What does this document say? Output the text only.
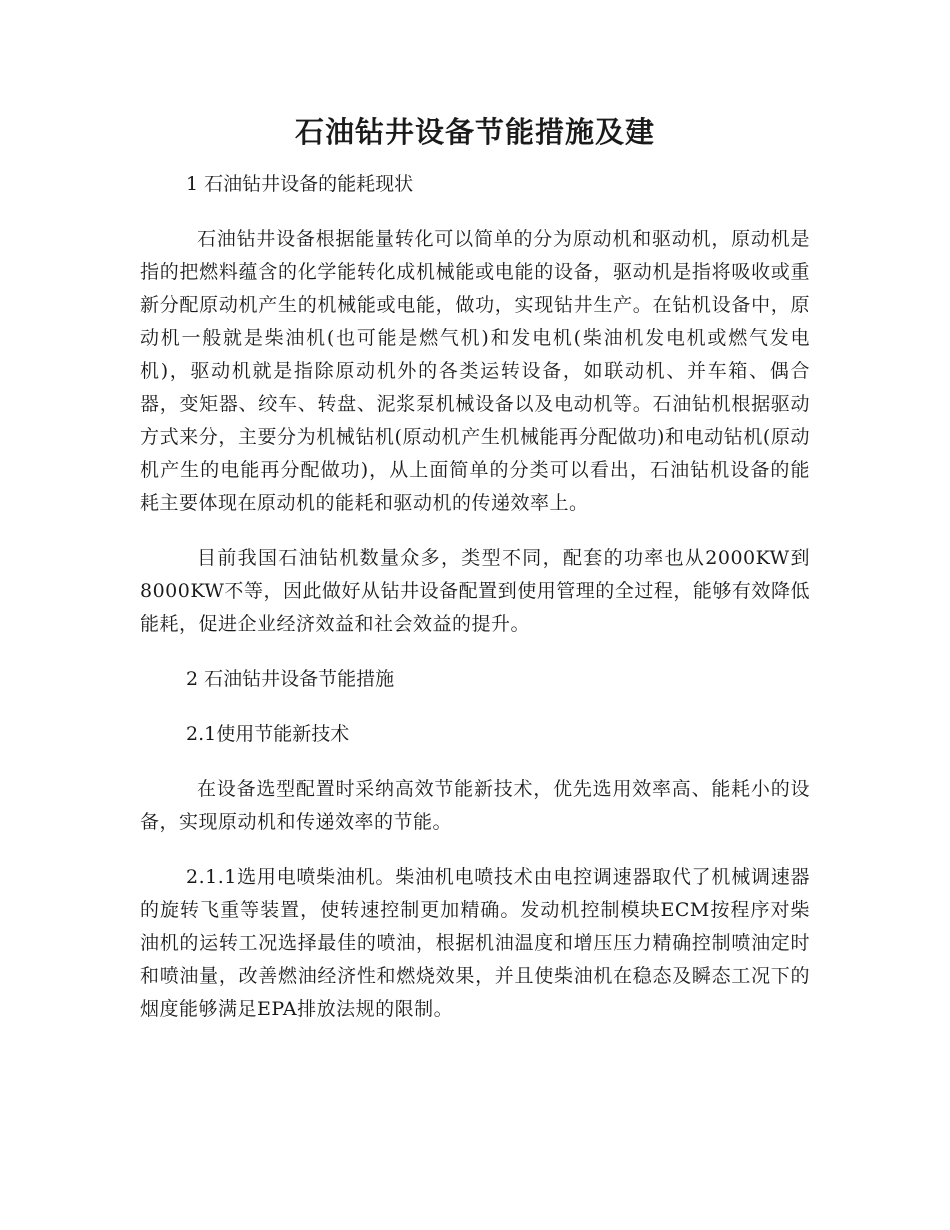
石油钻井设备节能措施及建

1 石油钻井设备的能耗现状

石油钻井设备根据能量转化可以简单的分为原动机和驱动机，原动机是指的把燃料蕴含的化学能转化成机械能或电能的设备，驱动机是指将吸收或重新分配原动机产生的机械能或电能，做功，实现钻井生产。在钻机设备中，原动机一般就是柴油机(也可能是燃气机)和发电机(柴油机发电机或燃气发电机)，驱动机就是指除原动机外的各类运转设备，如联动机、并车箱、偶合器，变矩器、绞车、转盘、泥浆泵机械设备以及电动机等。石油钻机根据驱动方式来分，主要分为机械钻机(原动机产生机械能再分配做功)和电动钻机(原动机产生的电能再分配做功)，从上面简单的分类可以看出，石油钻机设备的能耗主要体现在原动机的能耗和驱动机的传递效率上。

目前我国石油钻机数量众多，类型不同，配套的功率也从2000KW到8000KW不等，因此做好从钻井设备配置到使用管理的全过程，能够有效降低能耗，促进企业经济效益和社会效益的提升。

2 石油钻井设备节能措施

2.1使用节能新技术

在设备选型配置时采纳高效节能新技术，优先选用效率高、能耗小的设备，实现原动机和传递效率的节能。

2.1.1选用电喷柴油机。柴油机电喷技术由电控调速器取代了机械调速器的旋转飞重等装置，使转速控制更加精确。发动机控制模块ECM按程序对柴油机的运转工况选择最佳的喷油，根据机油温度和增压压力精确控制喷油定时和喷油量，改善燃油经济性和燃烧效果，并且使柴油机在稳态及瞬态工况下的烟度能够满足EPA排放法规的限制。
